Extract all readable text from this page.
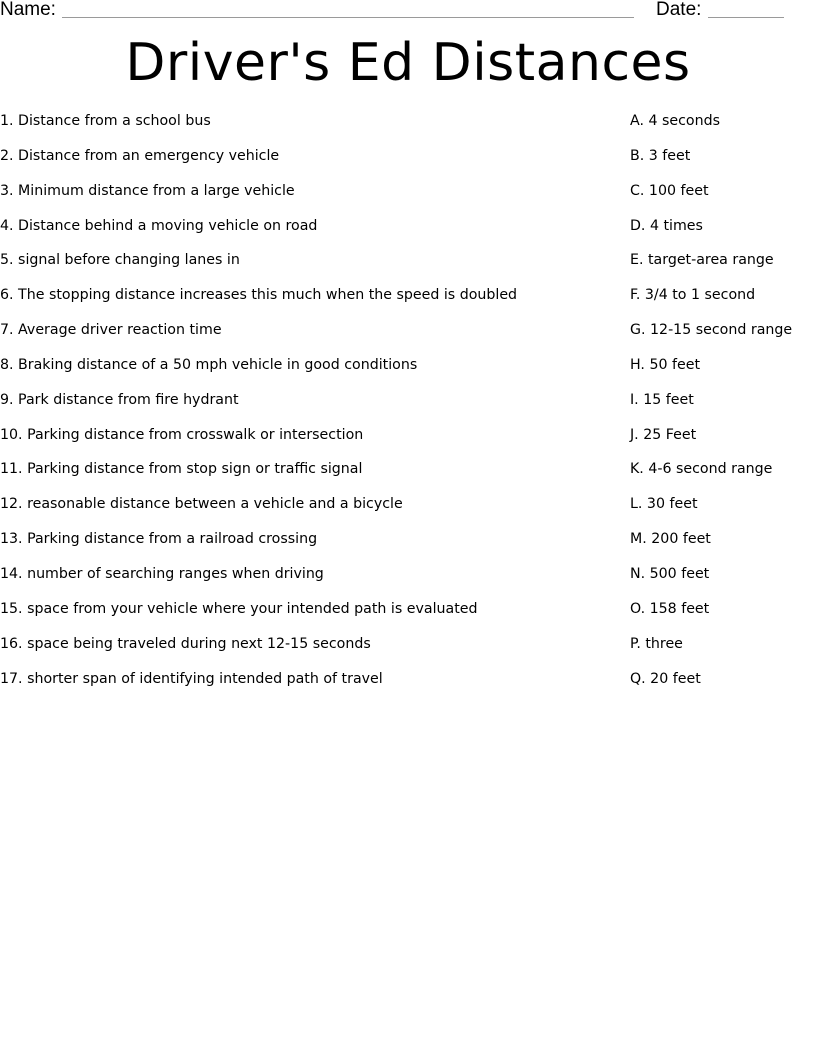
Name:	Date:
Driver's Ed Distances
1. Distance from a school bus
2. Distance from an emergency vehicle
3. Minimum distance from a large vehicle
4. Distance behind a moving vehicle on road
5. signal before changing lanes in
6. The stopping distance increases this much when the speed is doubled
7. Average driver reaction time
8. Braking distance of a 50 mph vehicle in good conditions
9. Park distance from fire hydrant
10. Parking distance from crosswalk or intersection
11. Parking distance from stop sign or traffic signal
12. reasonable distance between a vehicle and a bicycle
13. Parking distance from a railroad crossing
14. number of searching ranges when driving
15. space from your vehicle where your intended path is evaluated
16. space being traveled during next 12-15 seconds
17. shorter span of identifying intended path of travel
A. 4 seconds
B. 3 feet
C. 100 feet
D. 4 times
E. target-area range
F. 3/4 to 1 second
G. 12-15 second range
H. 50 feet
I. 15 feet
J. 25 Feet
K. 4-6 second range
L. 30 feet
M. 200 feet
N. 500 feet
O. 158 feet
P. three
Q. 20 feet
